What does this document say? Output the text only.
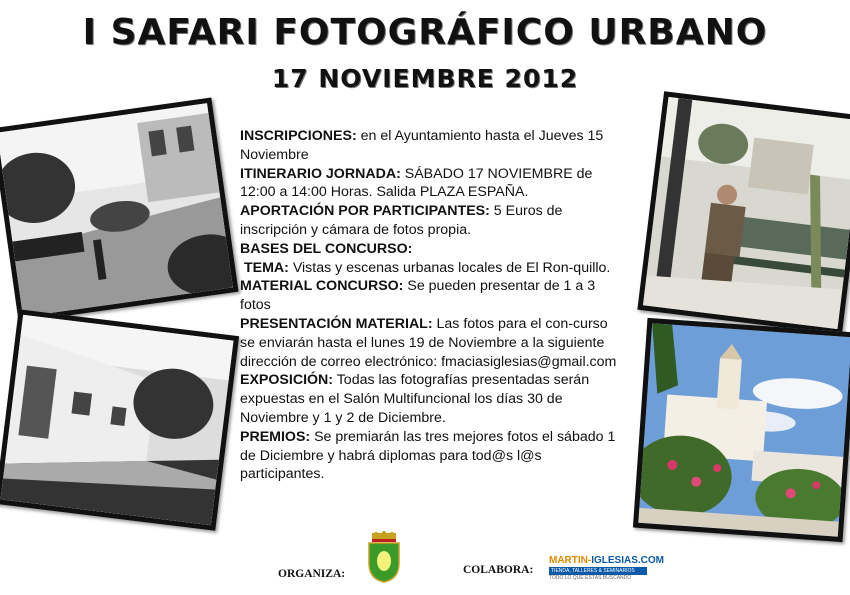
I SAFARI FOTOGRÁFICO URBANO
17 NOVIEMBRE 2012

INSCRIPCIONES: en el Ayuntamiento hasta el Jueves 15 Noviembre

ITINERARIO JORNADA: SÁBADO 17 NOVIEMBRE de 12:00 a 14:00 Horas. Salida PLAZA ESPAÑA.

APORTACIÓN POR PARTICIPANTES: 5 Euros de inscripción y cámara de fotos propia.

BASES DEL CONCURSO:

TEMA: Vistas y escenas urbanas locales de El Ron-quillo.

MATERIAL CONCURSO: Se pueden presentar de 1 a 3 fotos

PRESENTACIÓN MATERIAL: Las fotos para el con-curso se enviarán hasta el lunes 19 de Noviembre a la siguiente dirección de correo electrónico: fmaciasiglesias@gmail.com

EXPOSICIÓN: Todas las fotografías presentadas serán expuestas en el Salón Multifuncional los días 30 de Noviembre y 1 y 2 de Diciembre.

PREMIOS: Se premiarán las tres mejores fotos el sábado 1 de Diciembre y habrá diplomas para tod@s l@s participantes.

ORGANIZA:	COLABORA:
MARTIN-IGLESIAS.COM
TIENDA, TALLERES & SEMINARIOS
TODO LO QUE ESTÁS BUSCANDO
